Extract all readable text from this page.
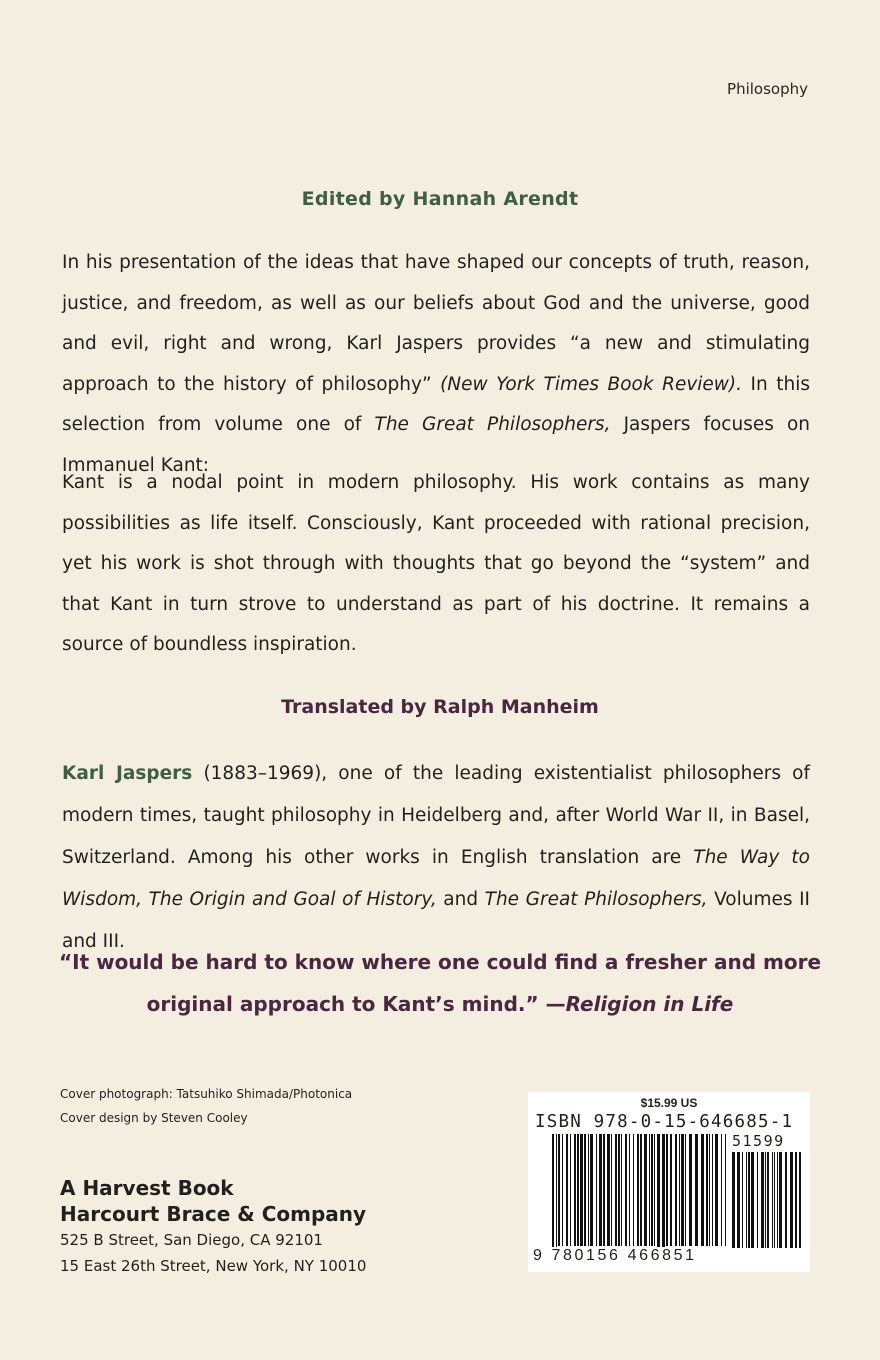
Philosophy
Edited by Hannah Arendt
In his presentation of the ideas that have shaped our concepts of truth, reason, justice, and freedom, as well as our beliefs about God and the universe, good and evil, right and wrong, Karl Jaspers provides “a new and stimulating approach to the history of philosophy” (New York Times Book Review). In this selection from volume one of The Great Philosophers, Jaspers focuses on Immanuel Kant:
Kant is a nodal point in modern philosophy. His work contains as many possibilities as life itself. Consciously, Kant proceeded with rational precision, yet his work is shot through with thoughts that go beyond the “system” and that Kant in turn strove to understand as part of his doctrine. It remains a source of boundless inspiration.
Translated by Ralph Manheim
Karl Jaspers (1883–1969), one of the leading existentialist philosophers of modern times, taught philosophy in Heidelberg and, after World War II, in Basel, Switzerland. Among his other works in English translation are The Way to Wisdom, The Origin and Goal of History, and The Great Philosophers, Volumes II and III.
“It would be hard to know where one could find a fresher and more original approach to Kant’s mind.” —Religion in Life
Cover photograph: Tatsuhiko Shimada/Photonica
Cover design by Steven Cooley
A Harvest Book
Harcourt Brace & Company
525 B Street, San Diego, CA 92101
15 East 26th Street, New York, NY 10010
$15.99 US
ISBN 978-0-15-646685-1
51599
9 780156 466851
